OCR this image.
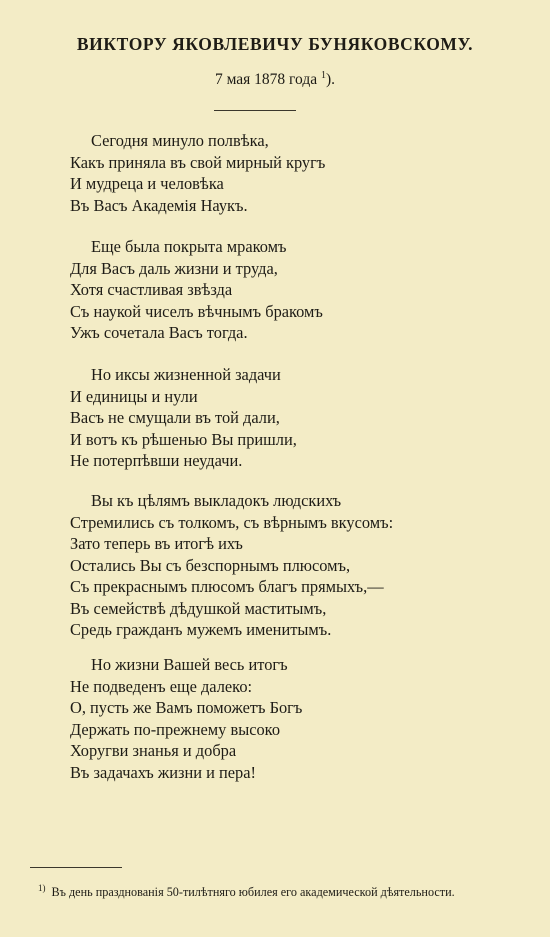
ВИКТОРУ ЯКОВЛЕВИЧУ БУНЯКОВСКОМУ.
7 мая 1878 года $^1$).
Сегодня минуло полвѣка,
Какъ приняла въ свой мирный кругъ
И мудреца и человѣка
Въ Васъ Академія Наукъ.
Еще была покрыта мракомъ
Для Васъ даль жизни и труда,
Хотя счастливая звѣзда
Съ наукой чиселъ вѣчнымъ бракомъ
Ужъ сочетала Васъ тогда.
Но иксы жизненной задачи
И единицы и нули
Васъ не смущали въ той дали,
И вотъ къ рѣшенью Вы пришли,
Не потерпѣвши неудачи.
Вы къ цѣлямъ выкладокъ людскихъ
Стремились съ толкомъ, съ вѣрнымъ вкусомъ:
Зато теперь въ итогѣ ихъ
Остались Вы съ безспорнымъ плюсомъ,
Съ прекраснымъ плюсомъ благъ прямыхъ,—
Въ семействѣ дѣдушкой маститымъ,
Средь гражданъ мужемъ именитымъ.
Но жизни Вашей весь итогъ
Не подведенъ еще далеко:
О, пусть же Вамъ поможетъ Богъ
Держать по-прежнему высоко
Хоругви знанья и добра
Въ задачахъ жизни и пера!
$^{1)}$ Въ день празднованія 50-тилѣтняго юбилея его академической дѣятельности.
